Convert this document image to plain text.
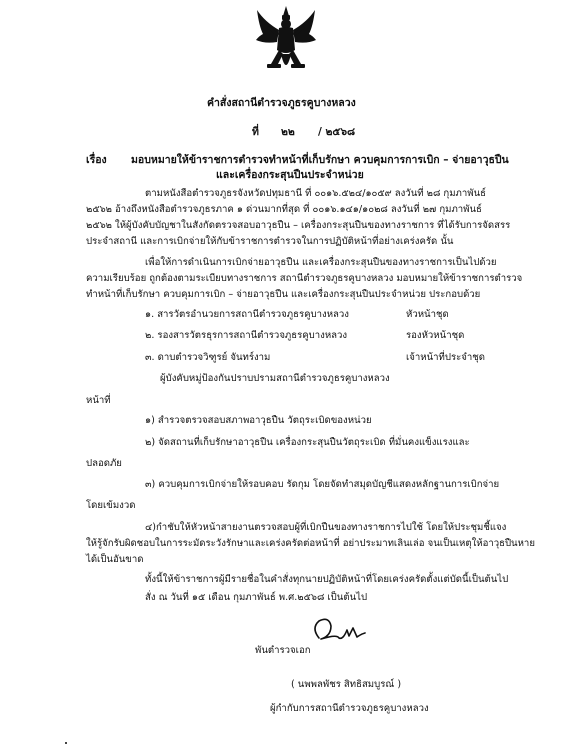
คำสั่งสถานีตำรวจภูธรคูบางหลวง
ที่ ๒๒ / ๒๕๖๘
เรื่อง มอบหมายให้ข้าราชการตำรวจทำหน้าที่เก็บรักษา ควบคุมการการเบิก – จ่ายอาวุธปืน
และเครื่องกระสุนปืนประจำหน่วย
ตามหนังสือตำรวจภูธรจังหวัดปทุมธานี ที่ ๐๐๑๖.๕๒๔/๑๐๕๙ ลงวันที่ ๒๘ กุมภาพันธ์
๒๕๖๒ อ้างถึงหนังสือตำรวจภูธรภาค ๑ ด่วนมากที่สุด ที่ ๐๐๑๖.๑๔๑/๑๐๒๘ ลงวันที่ ๒๗ กุมภาพันธ์
๒๕๖๒ ให้ผู้บังคับบัญชาในสังกัดตรวจสอบอาวุธปืน – เครื่องกระสุนปืนของทางราชการ ที่ได้รับการจัดสรร
ประจำสถานี และการเบิกจ่ายให้กับข้าราชการตำรวจในการปฏิบัติหน้าที่อย่างเคร่งครัด นั้น
เพื่อให้การดำเนินการเบิกจ่ายอาวุธปืน และเครื่องกระสุนปืนของทางราชการเป็นไปด้วย
ความเรียบร้อย ถูกต้องตามระเบียบทางราชการ สถานีตำรวจภูธรคูบางหลวง มอบหมายให้ข้าราชการตำรวจ
ทำหน้าที่เก็บรักษา ควบคุมการเบิก – จ่ายอาวุธปืน และเครื่องกระสุนปืนประจำหน่วย ประกอบด้วย
๑. สารวัตรอำนวยการสถานีตำรวจภูธรคูบางหลวง	หัวหน้าชุด
๒. รองสารวัตรธุรการสถานีตำรวจภูธรคูบางหลวง	รองหัวหน้าชุด
๓. ดาบตำรวจวิฑูรย์ จันทร์งาม	เจ้าหน้าที่ประจำชุด
ผู้บังคับหมู่ป้องกันปราบปรามสถานีตำรวจภูธรคูบางหลวง
หน้าที่
๑) สำรวจตรวจสอบสภาพอาวุธปืน วัตถุระเบิดของหน่วย
๒) จัดสถานที่เก็บรักษาอาวุธปืน เครื่องกระสุนปืนวัตถุระเบิด ที่มั่นคงแข็งแรงและ
ปลอดภัย
๓) ควบคุมการเบิกจ่ายให้รอบคอบ รัดกุม โดยจัดทำสมุดบัญชีแสดงหลักฐานการเบิกจ่าย
โดยเข้มงวด
๔)กำชับให้หัวหน้าสายงานตรวจสอบผู้ที่เบิกปืนของทางราชการไปใช้ โดยให้ประชุมชี้แจง
ให้รู้จักรับผิดชอบในการระมัดระวังรักษาและเคร่งครัดต่อหน้าที่ อย่าประมาทเลินเล่อ จนเป็นเหตุให้อาวุธปืนหาย
ได้เป็นอันขาด
ทั้งนี้ให้ข้าราชการผู้มีรายชื่อในคำสั่งทุกนายปฏิบัติหน้าที่โดยเคร่งครัดตั้งแต่บัดนี้เป็นต้นไป
สั่ง ณ วันที่ ๑๕ เดือน กุมภาพันธ์ พ.ศ.๒๕๖๘ เป็นต้นไป
พันตำรวจเอก
( นพพลพัชร สิทธิสมบูรณ์ )
ผู้กำกับการสถานีตำรวจภูธรคูบางหลวง
